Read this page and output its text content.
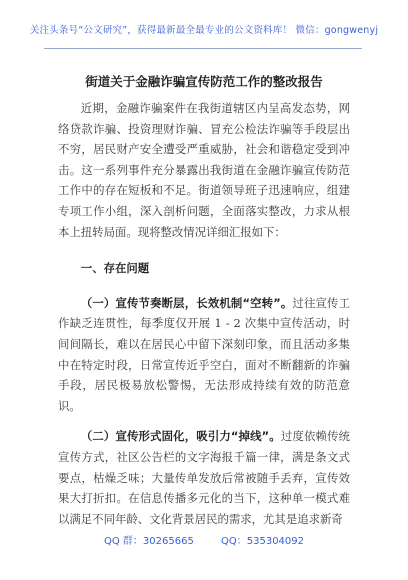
关注头条号“公文研究”，获得最新最全最专业的公文资料库！ 微信：gongwenyj
街道关于金融诈骗宣传防范工作的整改报告

近期，金融诈骗案件在我街道辖区内呈高发态势，网络贷款诈骗、投资理财诈骗、冒充公检法诈骗等手段层出不穷，居民财产安全遭受严重威胁，社会和谐稳定受到冲击。这一系列事件充分暴露出我街道在金融诈骗宣传防范工作中的存在短板和不足。街道领导班子迅速响应，组建专项工作小组，深入剖析问题，全面落实整改，力求从根本上扭转局面。现将整改情况详细汇报如下：

一、存在问题

（一）宣传节奏断层，长效机制“空转”。过往宣传工作缺乏连贯性，每季度仅开展 1 - 2 次集中宣传活动，时间间隔长，难以在居民心中留下深刻印象，而且活动多集中在特定时段，日常宣传近乎空白，面对不断翻新的诈骗手段，居民极易放松警惕，无法形成持续有效的防范意识。

（二）宣传形式固化，吸引力“掉线”。过度依赖传统宣传方式，社区公告栏的文字海报千篇一律，满是条文式要点，枯燥乏味；大量传单发放后常被随手丢弃，宣传效果大打折扣。在信息传播多元化的当下，这种单一模式难以满足不同年龄、文化背景居民的需求，尤其是追求新奇

QQ 群：30265665	QQ：535304092
